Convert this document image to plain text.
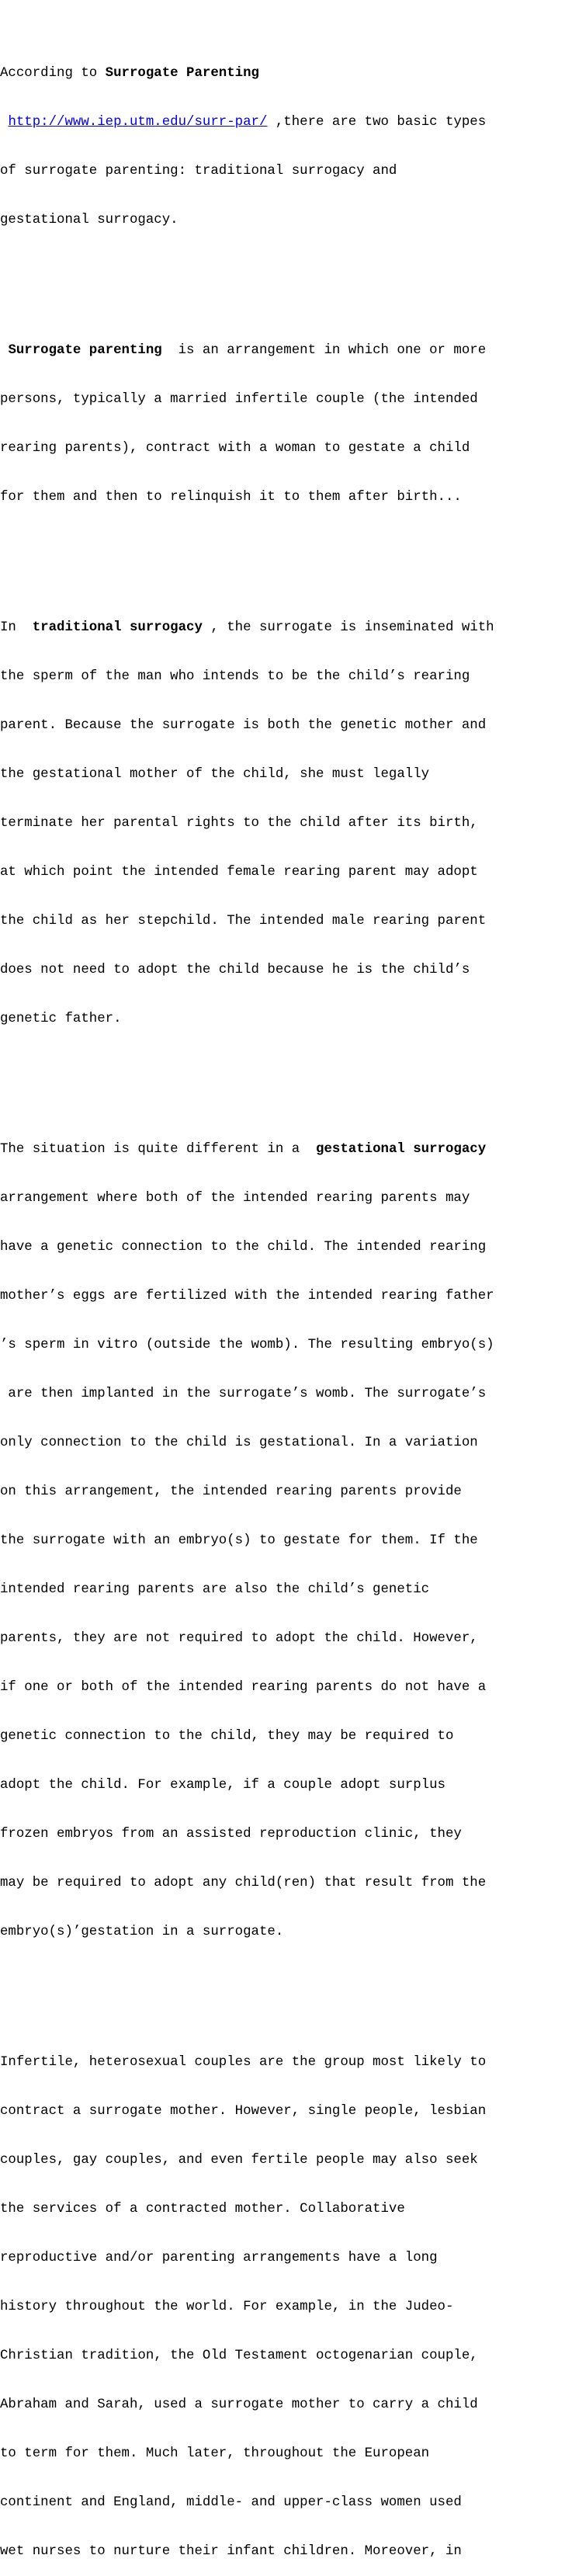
According to Surrogate Parenting

http://www.iep.utm.edu/surr-par/ ,there are two basic types

of surrogate parenting: traditional surrogacy and

gestational surrogacy.

Surrogate parenting  is an arrangement in which one or more

persons, typically a married infertile couple (the intended

rearing parents), contract with a woman to gestate a child

for them and then to relinquish it to them after birth...

In  traditional surrogacy , the surrogate is inseminated with

the sperm of the man who intends to be the child’s rearing

parent. Because the surrogate is both the genetic mother and

the gestational mother of the child, she must legally

terminate her parental rights to the child after its birth,

at which point the intended female rearing parent may adopt

the child as her stepchild. The intended male rearing parent

does not need to adopt the child because he is the child’s

genetic father.

The situation is quite different in a  gestational surrogacy

arrangement where both of the intended rearing parents may

have a genetic connection to the child. The intended rearing

mother’s eggs are fertilized with the intended rearing father

’s sperm in vitro (outside the womb). The resulting embryo(s)

are then implanted in the surrogate’s womb. The surrogate’s

only connection to the child is gestational. In a variation

on this arrangement, the intended rearing parents provide

the surrogate with an embryo(s) to gestate for them. If the

intended rearing parents are also the child’s genetic

parents, they are not required to adopt the child. However,

if one or both of the intended rearing parents do not have a

genetic connection to the child, they may be required to

adopt the child. For example, if a couple adopt surplus

frozen embryos from an assisted reproduction clinic, they

may be required to adopt any child(ren) that result from the

embryo(s)’gestation in a surrogate.

Infertile, heterosexual couples are the group most likely to

contract a surrogate mother. However, single people, lesbian

couples, gay couples, and even fertile people may also seek

the services of a contracted mother. Collaborative

reproductive and/or parenting arrangements have a long

history throughout the world. For example, in the Judeo-

Christian tradition, the Old Testament octogenarian couple,

Abraham and Sarah, used a surrogate mother to carry a child

to term for them. Much later, throughout the European

continent and England, middle- and upper-class women used

wet nurses to nurture their infant children. Moreover, in
